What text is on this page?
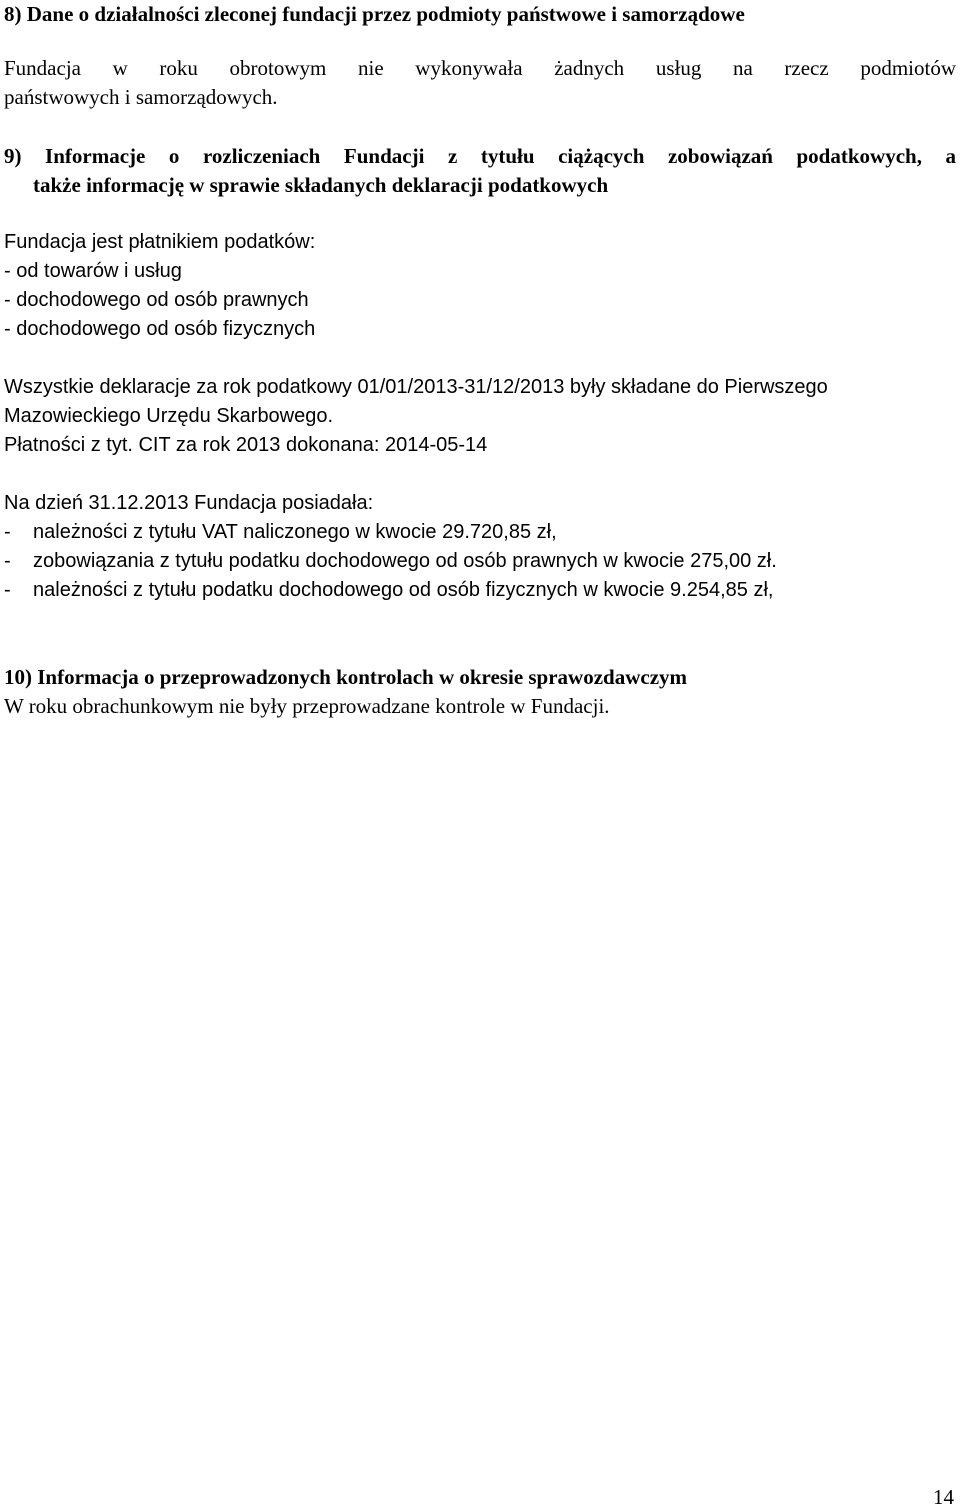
8) Dane o działalności zleconej fundacji przez podmioty państwowe i samorządowe
Fundacja w roku obrotowym nie wykonywała żadnych usług na rzecz podmiotów
państwowych i samorządowych.
9) Informacje o rozliczeniach Fundacji z tytułu ciążących zobowiązań podatkowych, a
także informację w sprawie składanych deklaracji podatkowych
Fundacja jest płatnikiem podatków:
- od towarów i usług
- dochodowego od osób prawnych
- dochodowego od osób fizycznych
Wszystkie deklaracje za rok podatkowy 01/01/2013-31/12/2013 były składane do Pierwszego
Mazowieckiego Urzędu Skarbowego.
Płatności z tyt. CIT za rok 2013 dokonana: 2014-05-14
Na dzień 31.12.2013 Fundacja posiadała:
- należności z tytułu VAT naliczonego w kwocie 29.720,85 zł,
- zobowiązania z tytułu podatku dochodowego od osób prawnych w kwocie 275,00 zł.
- należności z tytułu podatku dochodowego od osób fizycznych w kwocie 9.254,85 zł,
10) Informacja o przeprowadzonych kontrolach w okresie sprawozdawczym
W roku obrachunkowym nie były przeprowadzane kontrole w Fundacji.
14
